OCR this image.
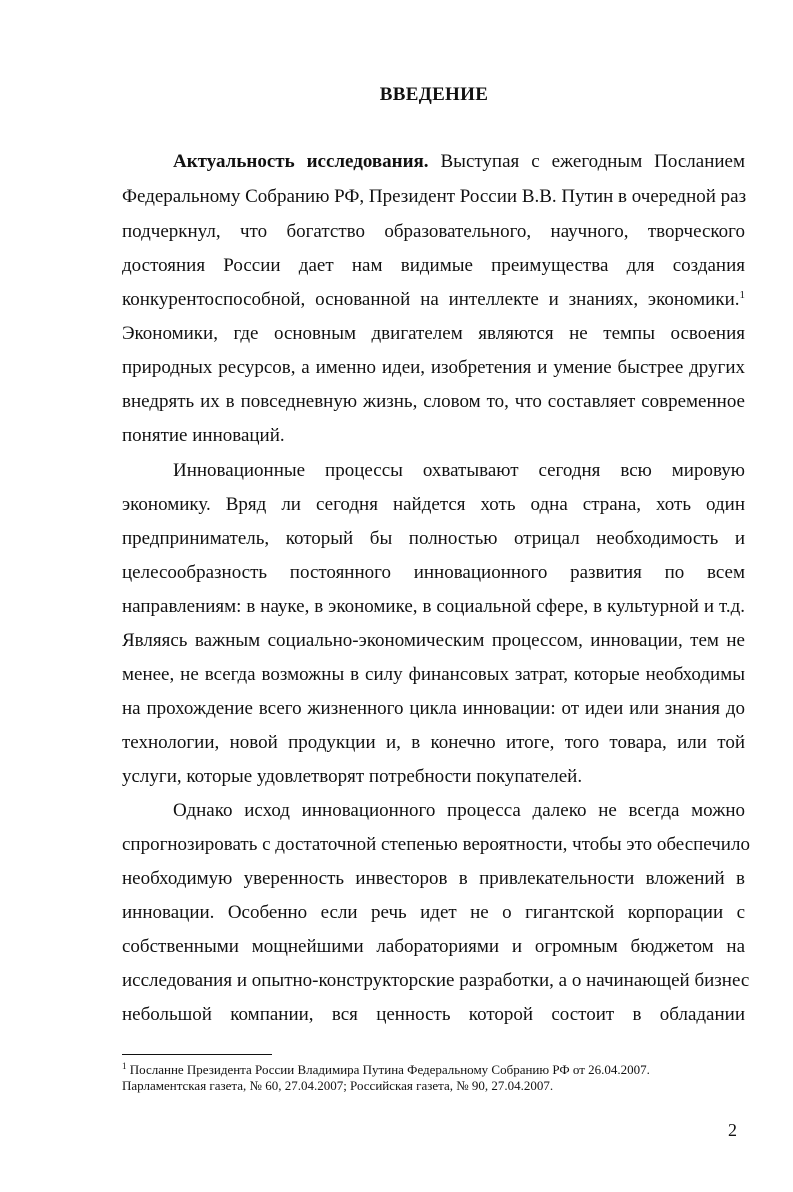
ВВЕДЕНИЕ
Актуальность исследования. Выступая с ежегодным Посланием
Федеральному Собранию РФ, Президент России В.В. Путин в очередной раз
подчеркнул, что богатство образовательного, научного, творческого
достояния России дает нам видимые преимущества для создания
конкурентоспособной, основанной на интеллекте и знаниях, экономики.$^1$
Экономики, где основным двигателем являются не темпы освоения
природных ресурсов, а именно идеи, изобретения и умение быстрее других
внедрять их в повседневную жизнь, словом то, что составляет современное
понятие инноваций.
Инновационные процессы охватывают сегодня всю мировую
экономику. Вряд ли сегодня найдется хоть одна страна, хоть один
предприниматель, который бы полностью отрицал необходимость и
целесообразность постоянного инновационного развития по всем
направлениям: в науке, в экономике, в социальной сфере, в культурной и т.д.
Являясь важным социально-экономическим процессом, инновации, тем не
менее, не всегда возможны в силу финансовых затрат, которые необходимы
на прохождение всего жизненного цикла инновации: от идеи или знания до
технологии, новой продукции и, в конечно итоге, того товара, или той
услуги, которые удовлетворят потребности покупателей.
Однако исход инновационного процесса далеко не всегда можно
спрогнозировать с достаточной степенью вероятности, чтобы это обеспечило
необходимую уверенность инвесторов в привлекательности вложений в
инновации. Особенно если речь идет не о гигантской корпорации с
собственными мощнейшими лабораториями и огромным бюджетом на
исследования и опытно-конструкторские разработки, а о начинающей бизнес
небольшой компании, вся ценность которой состоит в обладании
$^1$ Посланне Президента России Владимира Путина Федеральному Собранию РФ от 26.04.2007.
Парламентская газета, № 60, 27.04.2007; Российская газета, № 90, 27.04.2007.
2
